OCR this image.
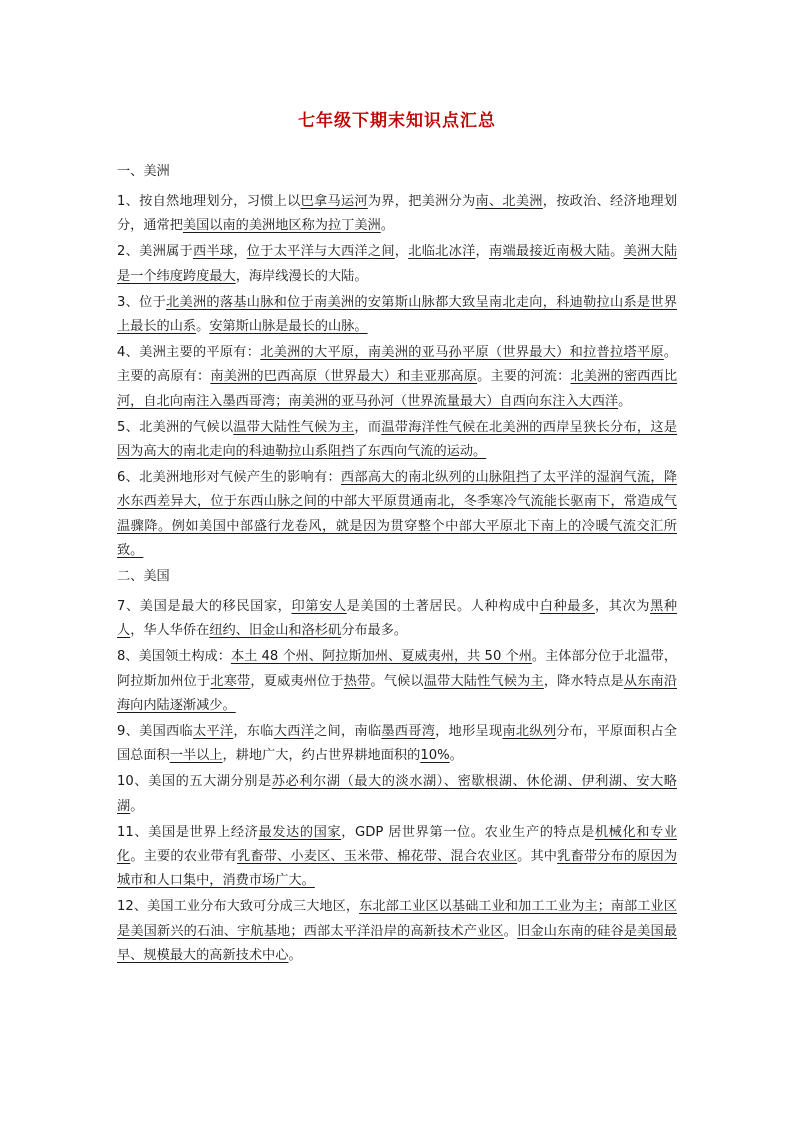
七年级下期末知识点汇总
一、美洲
1、按自然地理划分，习惯上以巴拿马运河为界，把美洲分为南、北美洲，按政治、经济地理划分，通常把美国以南的美洲地区称为拉丁美洲。
2、美洲属于西半球，位于太平洋与大西洋之间，北临北冰洋，南端最接近南极大陆。美洲大陆是一个纬度跨度最大，海岸线漫长的大陆。
3、位于北美洲的落基山脉和位于南美洲的安第斯山脉都大致呈南北走向，科迪勒拉山系是世界上最长的山系。安第斯山脉是最长的山脉。
4、美洲主要的平原有：北美洲的大平原，南美洲的亚马孙平原（世界最大）和拉普拉塔平原。主要的高原有：南美洲的巴西高原（世界最大）和圭亚那高原。主要的河流：北美洲的密西西比河，自北向南注入墨西哥湾；南美洲的亚马孙河（世界流量最大）自西向东注入大西洋。
5、北美洲的气候以温带大陆性气候为主，而温带海洋性气候在北美洲的西岸呈狭长分布，这是因为高大的南北走向的科迪勒拉山系阻挡了东西向气流的运动。
6、北美洲地形对气候产生的影响有：西部高大的南北纵列的山脉阻挡了太平洋的湿润气流，降水东西差异大，位于东西山脉之间的中部大平原贯通南北，冬季寒冷气流能长驱南下，常造成气温骤降。例如美国中部盛行龙卷风，就是因为贯穿整个中部大平原北下南上的冷暖气流交汇所致。
二、美国
7、美国是最大的移民国家，印第安人是美国的土著居民。人种构成中白种最多，其次为黑种人，华人华侨在纽约、旧金山和洛杉矶分布最多。
8、美国领土构成：本土 48 个州、阿拉斯加州、夏威夷州，共 50 个州。主体部分位于北温带，阿拉斯加州位于北寒带，夏威夷州位于热带。气候以温带大陆性气候为主，降水特点是从东南沿海向内陆逐渐减少。
9、美国西临太平洋，东临大西洋之间，南临墨西哥湾，地形呈现南北纵列分布，平原面积占全国总面积一半以上，耕地广大，约占世界耕地面积的10%。
10、美国的五大湖分别是苏必利尔湖（最大的淡水湖）、密歇根湖、休伦湖、伊利湖、安大略湖。
11、美国是世界上经济最发达的国家，GDP 居世界第一位。农业生产的特点是机械化和专业化。主要的农业带有乳畜带、小麦区、玉米带、棉花带、混合农业区。其中乳畜带分布的原因为城市和人口集中，消费市场广大。
12、美国工业分布大致可分成三大地区，东北部工业区以基础工业和加工工业为主；南部工业区是美国新兴的石油、宇航基地；西部太平洋沿岸的高新技术产业区。旧金山东南的硅谷是美国最早、规模最大的高新技术中心。
